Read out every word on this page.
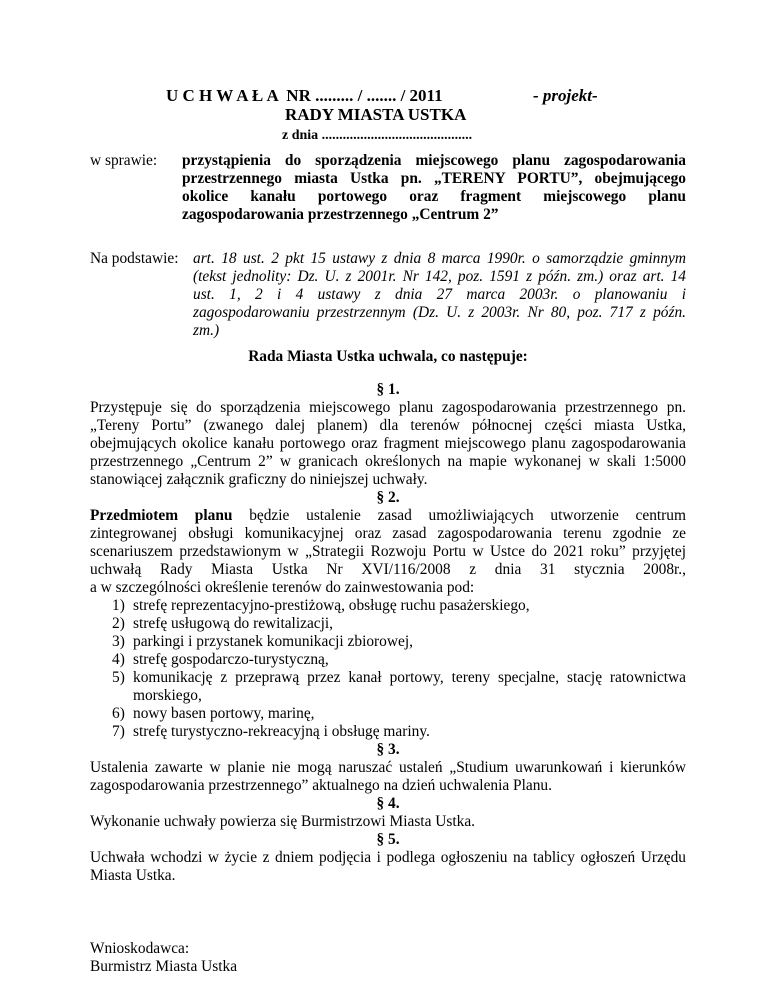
U C H W A Ł A  NR ......... / ....... / 2011	- projekt-
RADY MIASTA USTKA
z dnia ...........................................
w sprawie: przystąpienia do sporządzenia miejscowego planu zagospodarowania
przestrzennego miasta Ustka pn. „TERENY PORTU”, obejmującego
okolice kanału portowego oraz fragment miejscowego planu
zagospodarowania przestrzennego „Centrum 2”
Na podstawie: art. 18 ust. 2 pkt 15 ustawy z dnia 8 marca 1990r. o samorządzie gminnym
(tekst jednolity: Dz. U. z 2001r. Nr 142, poz. 1591 z późn. zm.) oraz art. 14
ust. 1, 2 i 4 ustawy z dnia 27 marca 2003r. o planowaniu i
zagospodarowaniu przestrzennym (Dz. U. z 2003r. Nr 80, poz. 717 z późn.
zm.)
Rada Miasta Ustka uchwala, co następuje:
§ 1.
Przystępuje się do sporządzenia miejscowego planu zagospodarowania przestrzennego pn.
„Tereny Portu” (zwanego dalej planem) dla terenów północnej części miasta Ustka,
obejmujących okolice kanału portowego oraz fragment miejscowego planu zagospodarowania
przestrzennego „Centrum 2” w granicach określonych na mapie wykonanej w skali 1:5000
stanowiącej załącznik graficzny do niniejszej uchwały.
§ 2.
Przedmiotem planu będzie ustalenie zasad umożliwiających utworzenie centrum
zintegrowanej obsługi komunikacyjnej oraz zasad zagospodarowania terenu zgodnie ze
scenariuszem przedstawionym w „Strategii Rozwoju Portu w Ustce do 2021 roku” przyjętej
uchwałą Rady Miasta Ustka Nr XVI/116/2008 z dnia 31 stycznia 2008r.,
a w szczególności określenie terenów do zainwestowania pod:
1) strefę reprezentacyjno-prestiżową, obsługę ruchu pasażerskiego,
2) strefę usługową do rewitalizacji,
3) parkingi i przystanek komunikacji zbiorowej,
4) strefę gospodarczo-turystyczną,
5) komunikację z przeprawą przez kanał portowy, tereny specjalne, stację ratownictwa
morskiego,
6) nowy basen portowy, marinę,
7) strefę turystyczno-rekreacyjną i obsługę mariny.
§ 3.
Ustalenia zawarte w planie nie mogą naruszać ustaleń „Studium uwarunkowań i kierunków
zagospodarowania przestrzennego” aktualnego na dzień uchwalenia Planu.
§ 4.
Wykonanie uchwały powierza się Burmistrzowi Miasta Ustka.
§ 5.
Uchwała wchodzi w życie z dniem podjęcia i podlega ogłoszeniu na tablicy ogłoszeń Urzędu
Miasta Ustka.
Wnioskodawca:
Burmistrz Miasta Ustka
